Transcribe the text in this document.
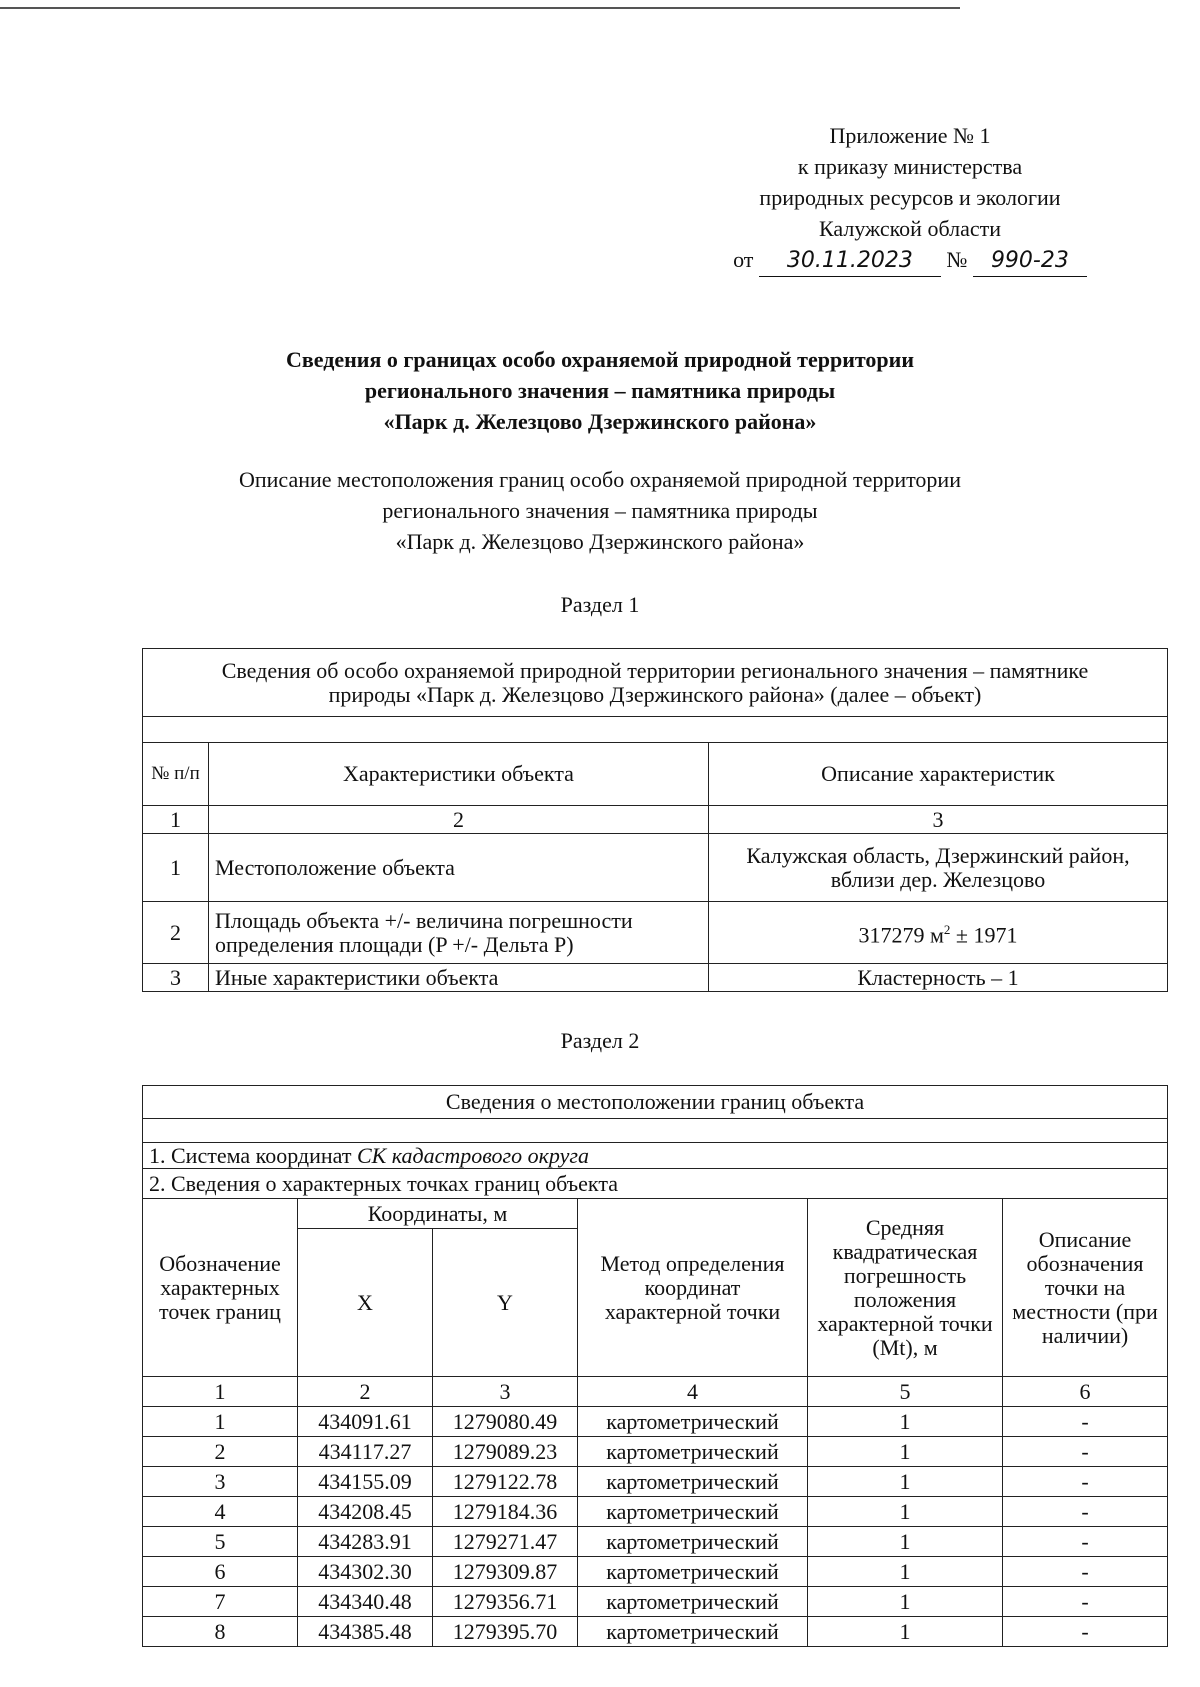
Приложение № 1
к приказу министерства
природных ресурсов и экологии
Калужской области
от 30.11.2023 № 990-23
Сведения о границах особо охраняемой природной территории
регионального значения – памятника природы
«Парк д. Железцово Дзержинского района»
Описание местоположения границ особо охраняемой природной территории
регионального значения – памятника природы
«Парк д. Железцово Дзержинского района»
Раздел 1
Сведения об особо охраняемой природной территории регионального значения – памятнике природы «Парк д. Железцово Дзержинского района» (далее – объект)		

№ п/п	Характеристики объекта	Описание характеристик
1	2	3
1	Местоположение объекта	Калужская область, Дзержинский район, вблизи дер. Железцово
2	Площадь объекта +/- величина погрешности определения площади (P +/- Дельта P)	317279 $м^2 \pm 1971$
3	Иные характеристики объекта	Кластерность – 1
Раздел 2
Сведения о местоположении границ объекта					

1. Система координат СК кадастрового округа					
2. Сведения о характерных точках границ объекта					
Обозначение характерных точек границ	Координаты, м		Метод определения координат характерной точки	Средняя квадратическая погрешность положения характерной точки (Mt), м	Описание обозначения точки на местности (при наличии)
	X	Y			
1	2	3	4	5	6
1	434091.61	1279080.49	картометрический	1	-
2	434117.27	1279089.23	картометрический	1	-
3	434155.09	1279122.78	картометрический	1	-
4	434208.45	1279184.36	картометрический	1	-
5	434283.91	1279271.47	картометрический	1	-
6	434302.30	1279309.87	картометрический	1	-
7	434340.48	1279356.71	картометрический	1	-
8	434385.48	1279395.70	картометрический	1	-
